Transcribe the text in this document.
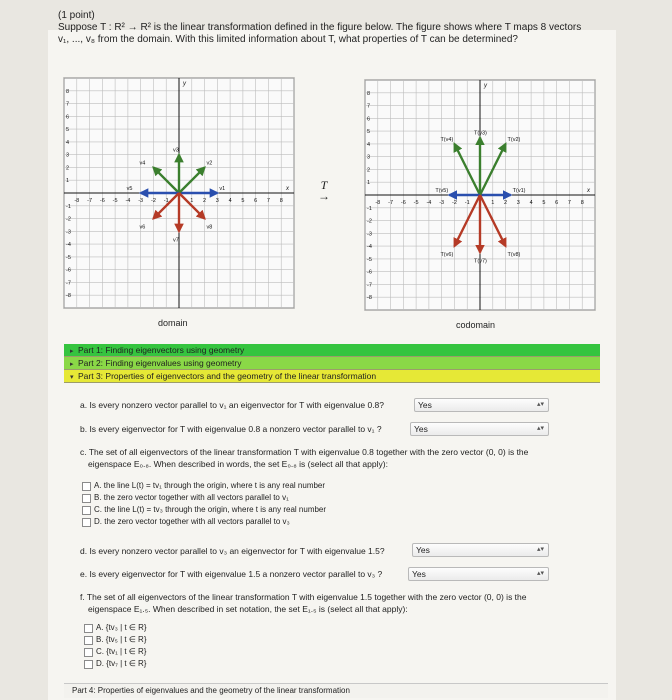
(1 point)
Suppose T : R² → R² is the linear transformation defined in the figure below. The figure shows where T maps 8 vectors
v₁, ..., v₈ from the domain. With this limited information about T, what properties of T can be determined?
-8
-8
-7
-7
-6
-6
-5
-5
-4
-4
-3
-3
-2
-2
-1
-1
1
1
2
2
3
3
4
4
5
5
6
6
7
7
8
8
y
x
v1
v2
v3
v4
v5
v6
v7
v8
domain
T
→	-8
-8
-7
-7
-6
-6
-5
-5
-4
-4
-3
-3
-2
-2
-1
-1
1
1
2
2
3
3
4
4
5
5
6
6
7
7
8
8
y
x
T(v1)
T(v2)
T(v3)
T(v4)
T(v5)
T(v6)
T(v7)
T(v8)
codomain
▸ Part 1: Finding eigenvectors using geometry
▸ Part 2: Finding eigenvalues using geometry
▾ Part 3: Properties of eigenvectors and the geometry of the linear transformation
a. Is every nonzero vector parallel to v₁ an eigenvector for T with eigenvalue 0.8?	Yes	▴▾
b. Is every eigenvector for T with eigenvalue 0.8 a nonzero vector parallel to v₁ ?	Yes	▴▾
c. The set of all eigenvectors of the linear transformation T with eigenvalue 0.8 together with the zero vector (0, 0) is the
eigenspace E₀.₈. When described in words, the set E₀.₈ is (select all that apply):
A. the line L(t) = tv₁ through the origin, where t is any real number
B. the zero vector together with all vectors parallel to v₁
C. the line L(t) = tv₃ through the origin, where t is any real number
D. the zero vector together with all vectors parallel to v₃
d. Is every nonzero vector parallel to v₃ an eigenvector for T with eigenvalue 1.5?	Yes	▴▾
e. Is every eigenvector for T with eigenvalue 1.5 a nonzero vector parallel to v₃ ?	Yes	▴▾
f. The set of all eigenvectors of the linear transformation T with eigenvalue 1.5 together with the zero vector (0, 0) is the
eigenspace E₁.₅. When described in set notation, the set E₁.₅ is (select all that apply):
A. {tv₃ | t ∈ R}
B. {tv₅ | t ∈ R}
C. {tv₁ | t ∈ R}
D. {tv₇ | t ∈ R}
Part 4: Properties of eigenvalues and the geometry of the linear transformation
